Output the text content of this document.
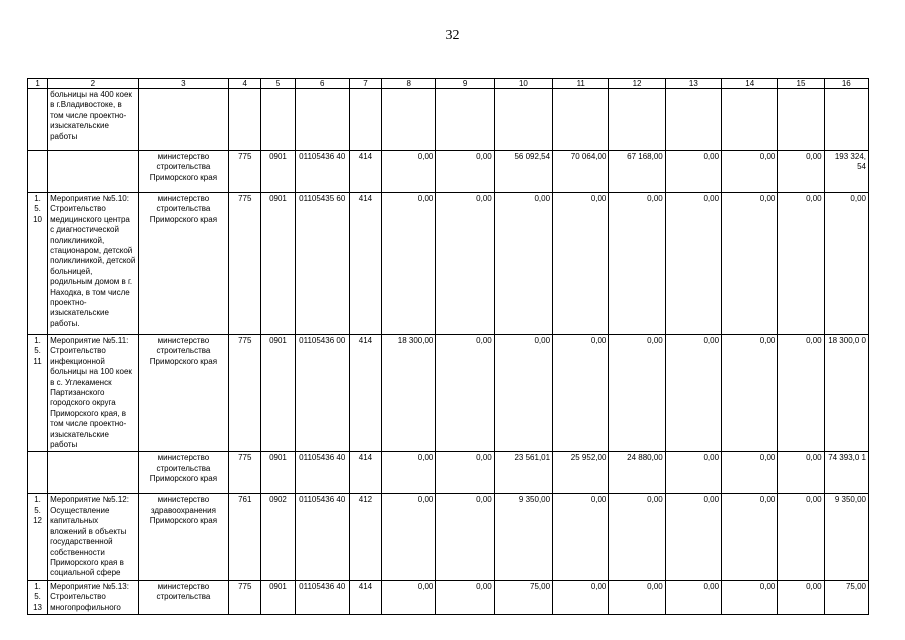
32
1	2	3	4	5	6	7	8	9	10	11	12	13	14	15	16
	больницы на 400 коек в г.Владивостоке, в том числе проектно-изыскательские работы														
		министерство строительства Приморского края	775	0901	01105436 40	414	0,00	0,00	56 092,54	70 064,00	67 168,00	0,00	0,00	0,00	193 324, 54
1. 5. 10	Мероприятие №5.10: Строительство медицинского центра с диагностической поликлиникой, стационаром, детской поликлиникой, детской больницей, родильным домом в г. Находка, в том числе проектно-изыскательские работы.	министерство строительства Приморского края	775	0901	01105435 60	414	0,00	0,00	0,00	0,00	0,00	0,00	0,00	0,00	0,00
1. 5. 11	Мероприятие №5.11: Строительство инфекционной больницы на 100 коек в с. Углекаменск Партизанского городского округа Приморского края, в том числе проектно-изыскательские работы	министерство строительства Приморского края	775	0901	01105436 00	414	18 300,00	0,00	0,00	0,00	0,00	0,00	0,00	0,00	18 300,0 0
		министерство строительства Приморского края	775	0901	01105436 40	414	0,00	0,00	23 561,01	25 952,00	24 880,00	0,00	0,00	0,00	74 393,0 1
1. 5. 12	Мероприятие №5.12: Осуществление капитальных вложений в объекты государственной собственности Приморского края в социальной сфере	министерство здравоохранения Приморского края	761	0902	01105436 40	412	0,00	0,00	9 350,00	0,00	0,00	0,00	0,00	0,00	9 350,00
1. 5. 13	Мероприятие №5.13: Строительство многопрофильного	министерство строительства	775	0901	01105436 40	414	0,00	0,00	75,00	0,00	0,00	0,00	0,00	0,00	75,00
